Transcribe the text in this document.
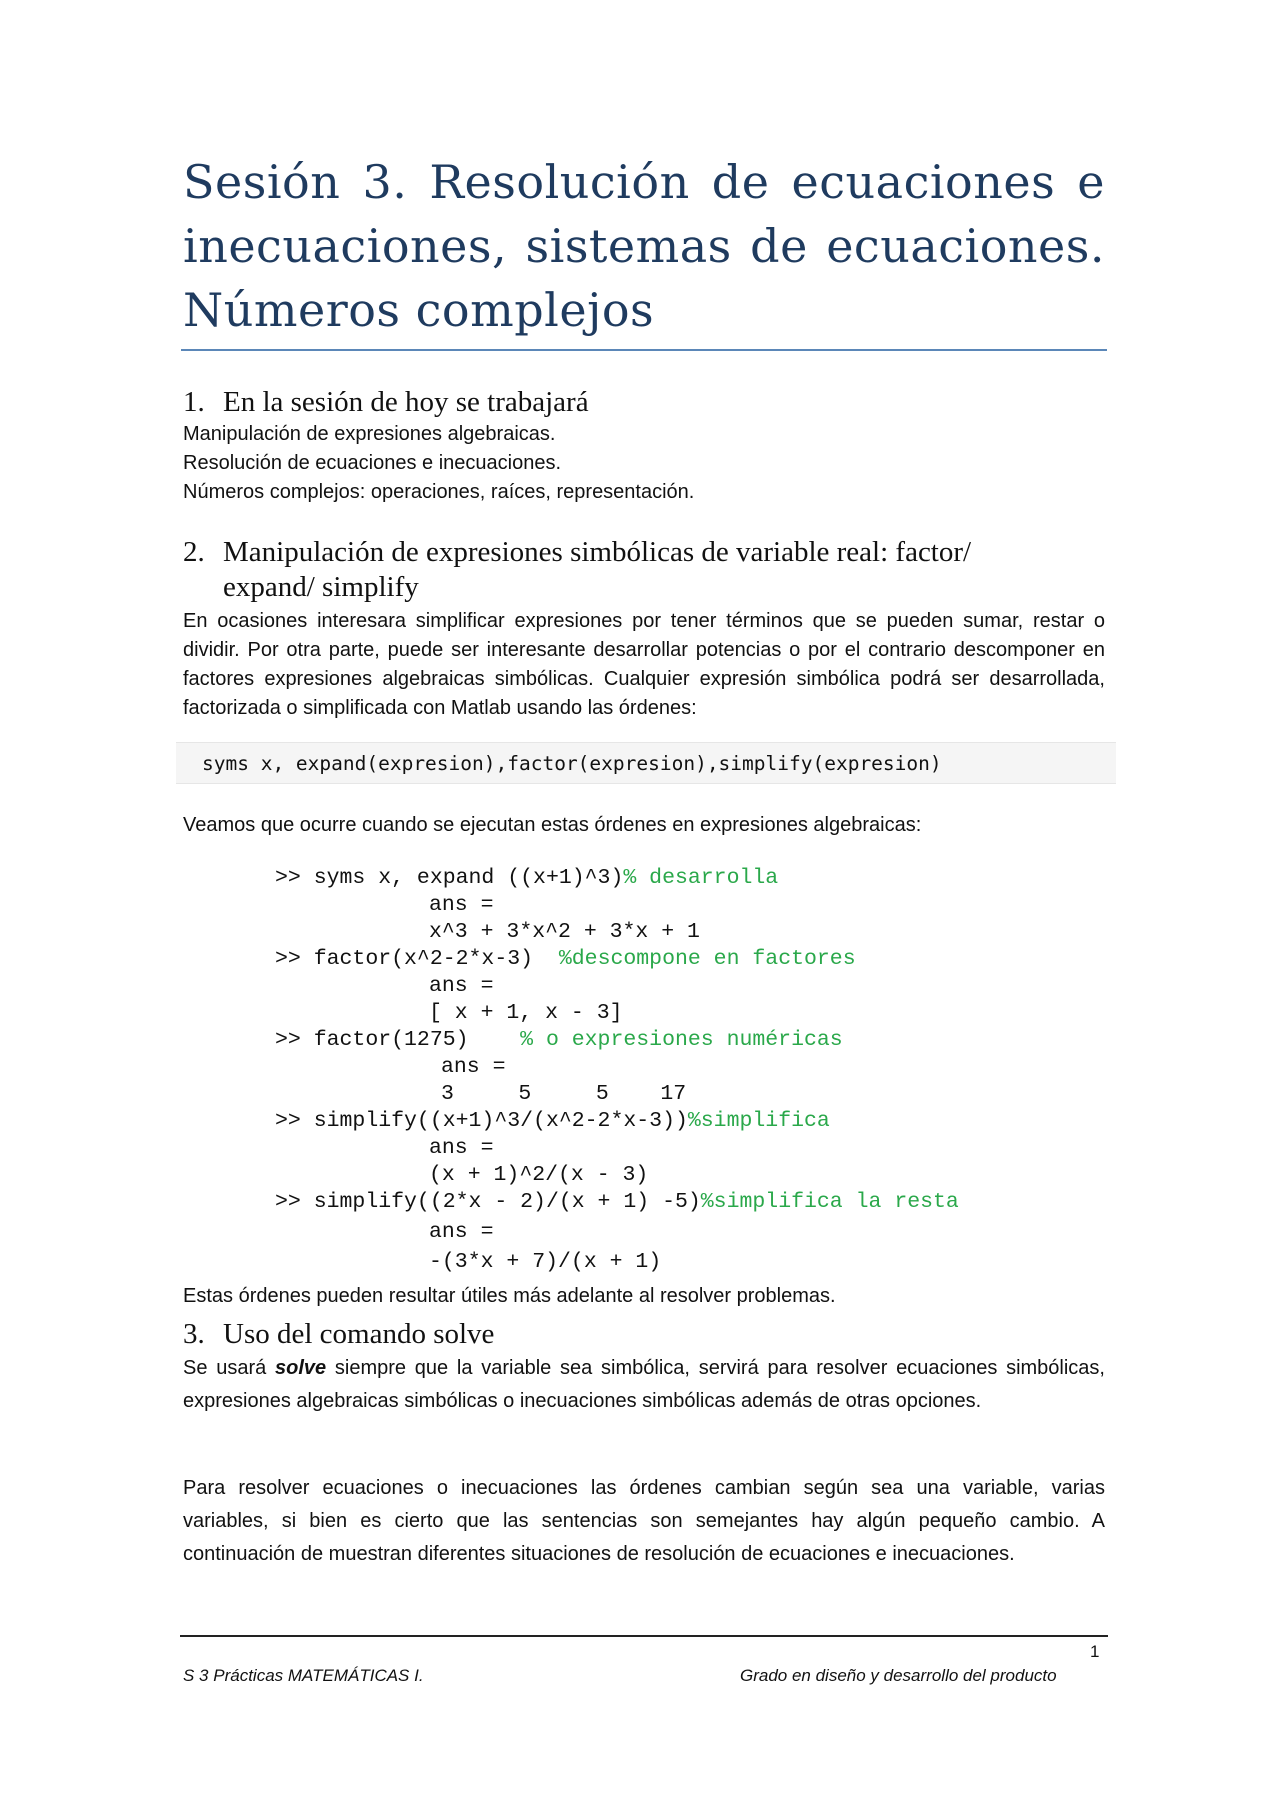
Sesión 3. Resolución de ecuaciones e inecuaciones, sistemas de ecuaciones. Números complejos
1. En la sesión de hoy se trabajará
Manipulación de expresiones algebraicas.
Resolución de ecuaciones e inecuaciones.
Números complejos: operaciones, raíces, representación.
2. Manipulación de expresiones simbólicas de variable real: factor/
expand/ simplify
En ocasiones interesara simplificar expresiones por tener términos que se pueden sumar, restar o dividir. Por otra parte, puede ser interesante desarrollar potencias o por el contrario descomponer en factores expresiones algebraicas simbólicas. Cualquier expresión simbólica podrá ser desarrollada, factorizada o simplificada con Matlab usando las órdenes:
syms x, expand(expresion),factor(expresion),simplify(expresion)
Veamos que ocurre cuando se ejecutan estas órdenes en expresiones algebraicas:
>> syms x, expand ((x+1)^3)% desarrolla
ans =
x^3 + 3*x^2 + 3*x + 1
>> factor(x^2-2*x-3)  %descompone en factores
ans =
[ x + 1, x - 3]
>> factor(1275)    % o expresiones numéricas
ans =
3     5     5    17
>> simplify((x+1)^3/(x^2-2*x-3))%simplifica
ans =
(x + 1)^2/(x - 3)
>> simplify((2*x - 2)/(x + 1) -5)%simplifica la resta
ans =
-(3*x + 7)/(x + 1)
Estas órdenes pueden resultar útiles más adelante al resolver problemas.
3. Uso del comando solve
Se usará solve siempre que la variable sea simbólica, servirá para resolver ecuaciones simbólicas, expresiones algebraicas simbólicas o inecuaciones simbólicas además de otras opciones.
Para resolver ecuaciones o inecuaciones las órdenes cambian según sea una variable, varias variables, si bien es cierto que las sentencias son semejantes hay algún pequeño cambio. A continuación de muestran diferentes situaciones de resolución de ecuaciones e inecuaciones.
1
S 3 Prácticas MATEMÁTICAS I.	Grado en diseño y desarrollo del producto
